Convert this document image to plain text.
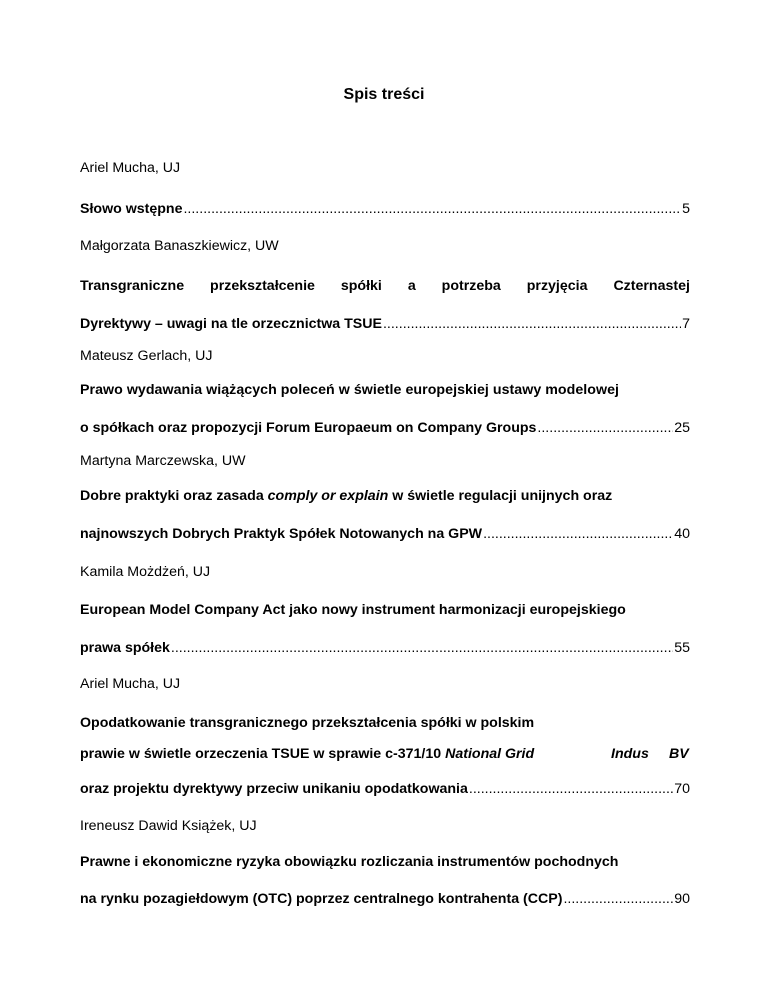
Spis treści
Ariel Mucha, UJ
Słowo wstępne .....	5
Małgorzata Banaszkiewicz, UW
Transgraniczne przekształcenie spółki a potrzeba przyjęcia Czternastej
Dyrektywy – uwagi na tle orzecznictwa TSUE .....	7
Mateusz Gerlach, UJ
Prawo wydawania wiążących poleceń w świetle europejskiej ustawy modelowej
o spółkach oraz propozycji Forum Europaeum on Company Groups .....	25
Martyna Marczewska, UW
Dobre praktyki oraz zasada comply or explain w świetle regulacji unijnych oraz
najnowszych Dobrych Praktyk Spółek Notowanych na GPW .....	40
Kamila Możdżeń, UJ
European Model Company Act jako nowy instrument harmonizacji europejskiego
prawa spółek .....	55
Ariel Mucha, UJ
Opodatkowanie transgranicznego przekształcenia spółki w polskim
prawie w świetle orzeczenia TSUE w sprawie c-371/10 National Grid	Indus BV
oraz projektu dyrektywy przeciw unikaniu opodatkowania .....	70
Ireneusz Dawid Książek, UJ
Prawne i ekonomiczne ryzyka obowiązku rozliczania instrumentów pochodnych
na rynku pozagiełdowym (OTC) poprzez centralnego kontrahenta (CCP) .....	90
